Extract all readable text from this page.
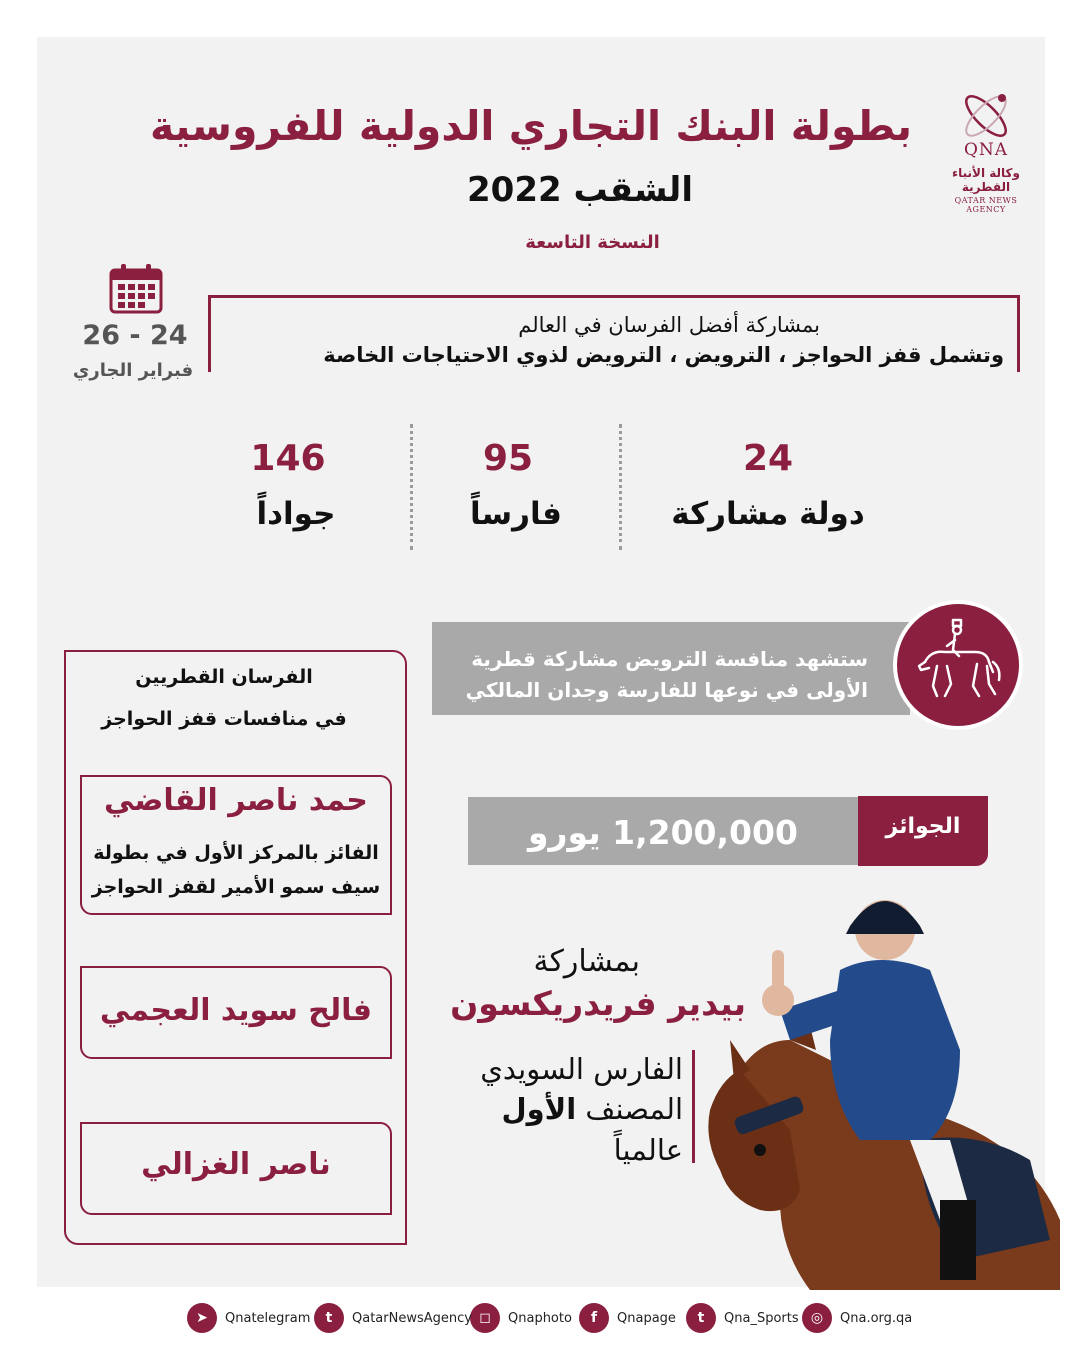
QNA
وكالة الأنباء القطرية
QATAR NEWS AGENCY
بطولة البنك التجاري الدولية للفروسية
الشقب 2022
النسخة التاسعة
26 - 24
فبراير الجاري
بمشاركة أفضل الفرسان في العالم
وتشمل قفز الحواجز ، الترويض ، الترويض لذوي الاحتياجات الخاصة
24
دولة مشاركة
95
فارساً
146
جواداً
ستشهد منافسة الترويض مشاركة قطرية
الأولى في نوعها للفارسة وجدان المالكي
الجوائز
1,200,000 يورو
بمشاركة
بيدير فريدريكسون
الفارس السويدي
المصنف الأول
عالمياً
الفرسان القطريين
في منافسات قفز الحواجز
حمد ناصر القاضي
الفائز بالمركز الأول في بطولة
سيف سمو الأمير لقفز الحواجز
فالح سويد العجمي
ناصر الغزالي
◎	Qna.org.qa
t	Qna_Sports
f	Qnapage
◻	Qnaphoto
t	QatarNewsAgency
➤	Qnatelegram
